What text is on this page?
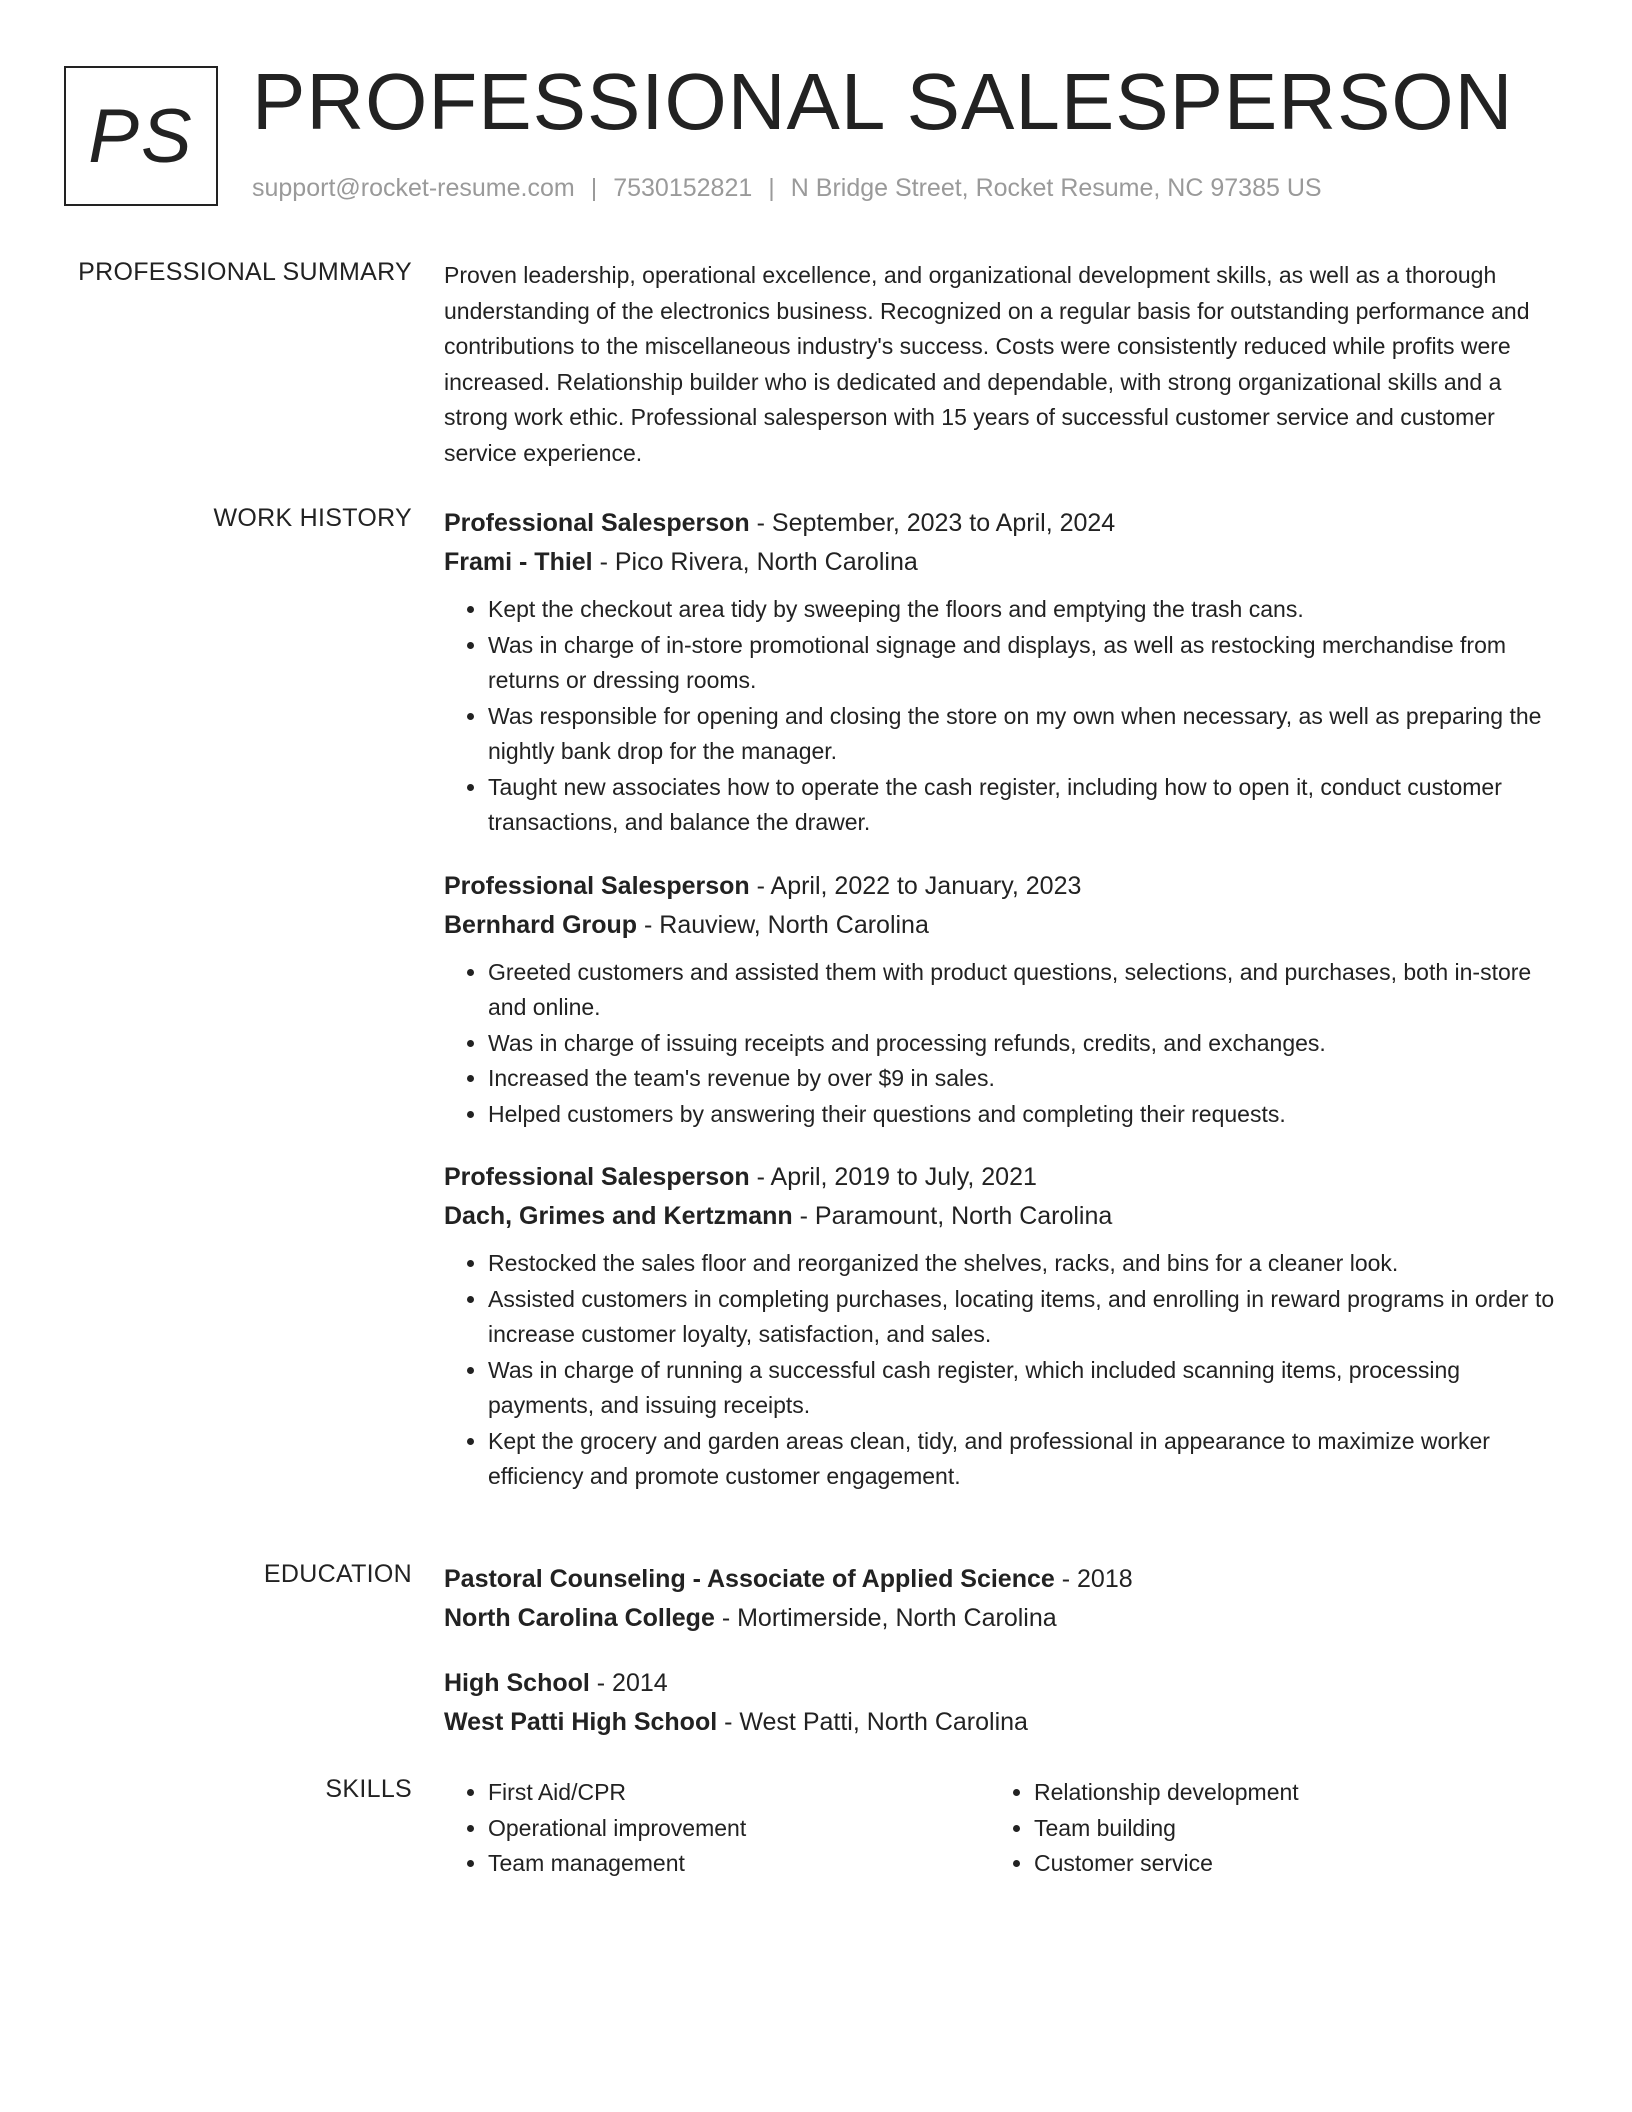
PS PROFESSIONAL SALESPERSON
support@rocket-resume.com | 7530152821 | N Bridge Street, Rocket Resume, NC 97385 US
PROFESSIONAL SUMMARY Proven leadership, operational excellence, and organizational development skills, as well as a thorough understanding of the electronics business. Recognized on a regular basis for outstanding performance and contributions to the miscellaneous industry's success. Costs were consistently reduced while profits were increased. Relationship builder who is dedicated and dependable, with strong organizational skills and a strong work ethic. Professional salesperson with 15 years of successful customer service and customer service experience.

WORK HISTORY Professional Salesperson - September, 2023 to April, 2024
Frami - Thiel - Pico Rivera, North Carolina
• Kept the checkout area tidy by sweeping the floors and emptying the trash cans.
• Was in charge of in-store promotional signage and displays, as well as restocking merchandise from returns or dressing rooms.
• Was responsible for opening and closing the store on my own when necessary, as well as preparing the nightly bank drop for the manager.
• Taught new associates how to operate the cash register, including how to open it, conduct customer transactions, and balance the drawer.
Professional Salesperson - April, 2022 to January, 2023
Bernhard Group - Rauview, North Carolina
• Greeted customers and assisted them with product questions, selections, and purchases, both in-store and online.
• Was in charge of issuing receipts and processing refunds, credits, and exchanges.
• Increased the team's revenue by over $9 in sales.
• Helped customers by answering their questions and completing their requests.
Professional Salesperson - April, 2019 to July, 2021
Dach, Grimes and Kertzmann - Paramount, North Carolina
• Restocked the sales floor and reorganized the shelves, racks, and bins for a cleaner look.
• Assisted customers in completing purchases, locating items, and enrolling in reward programs in order to increase customer loyalty, satisfaction, and sales.
• Was in charge of running a successful cash register, which included scanning items, processing payments, and issuing receipts.
• Kept the grocery and garden areas clean, tidy, and professional in appearance to maximize worker efficiency and promote customer engagement.
EDUCATION Pastoral Counseling - Associate of Applied Science - 2018
North Carolina College - Mortimerside, North Carolina
High School - 2014
West Patti High School - West Patti, North Carolina
SKILLS
•	First Aid/CPR
• Operational improvement
• Team management
• Relationship development
• Team building
• Customer service
